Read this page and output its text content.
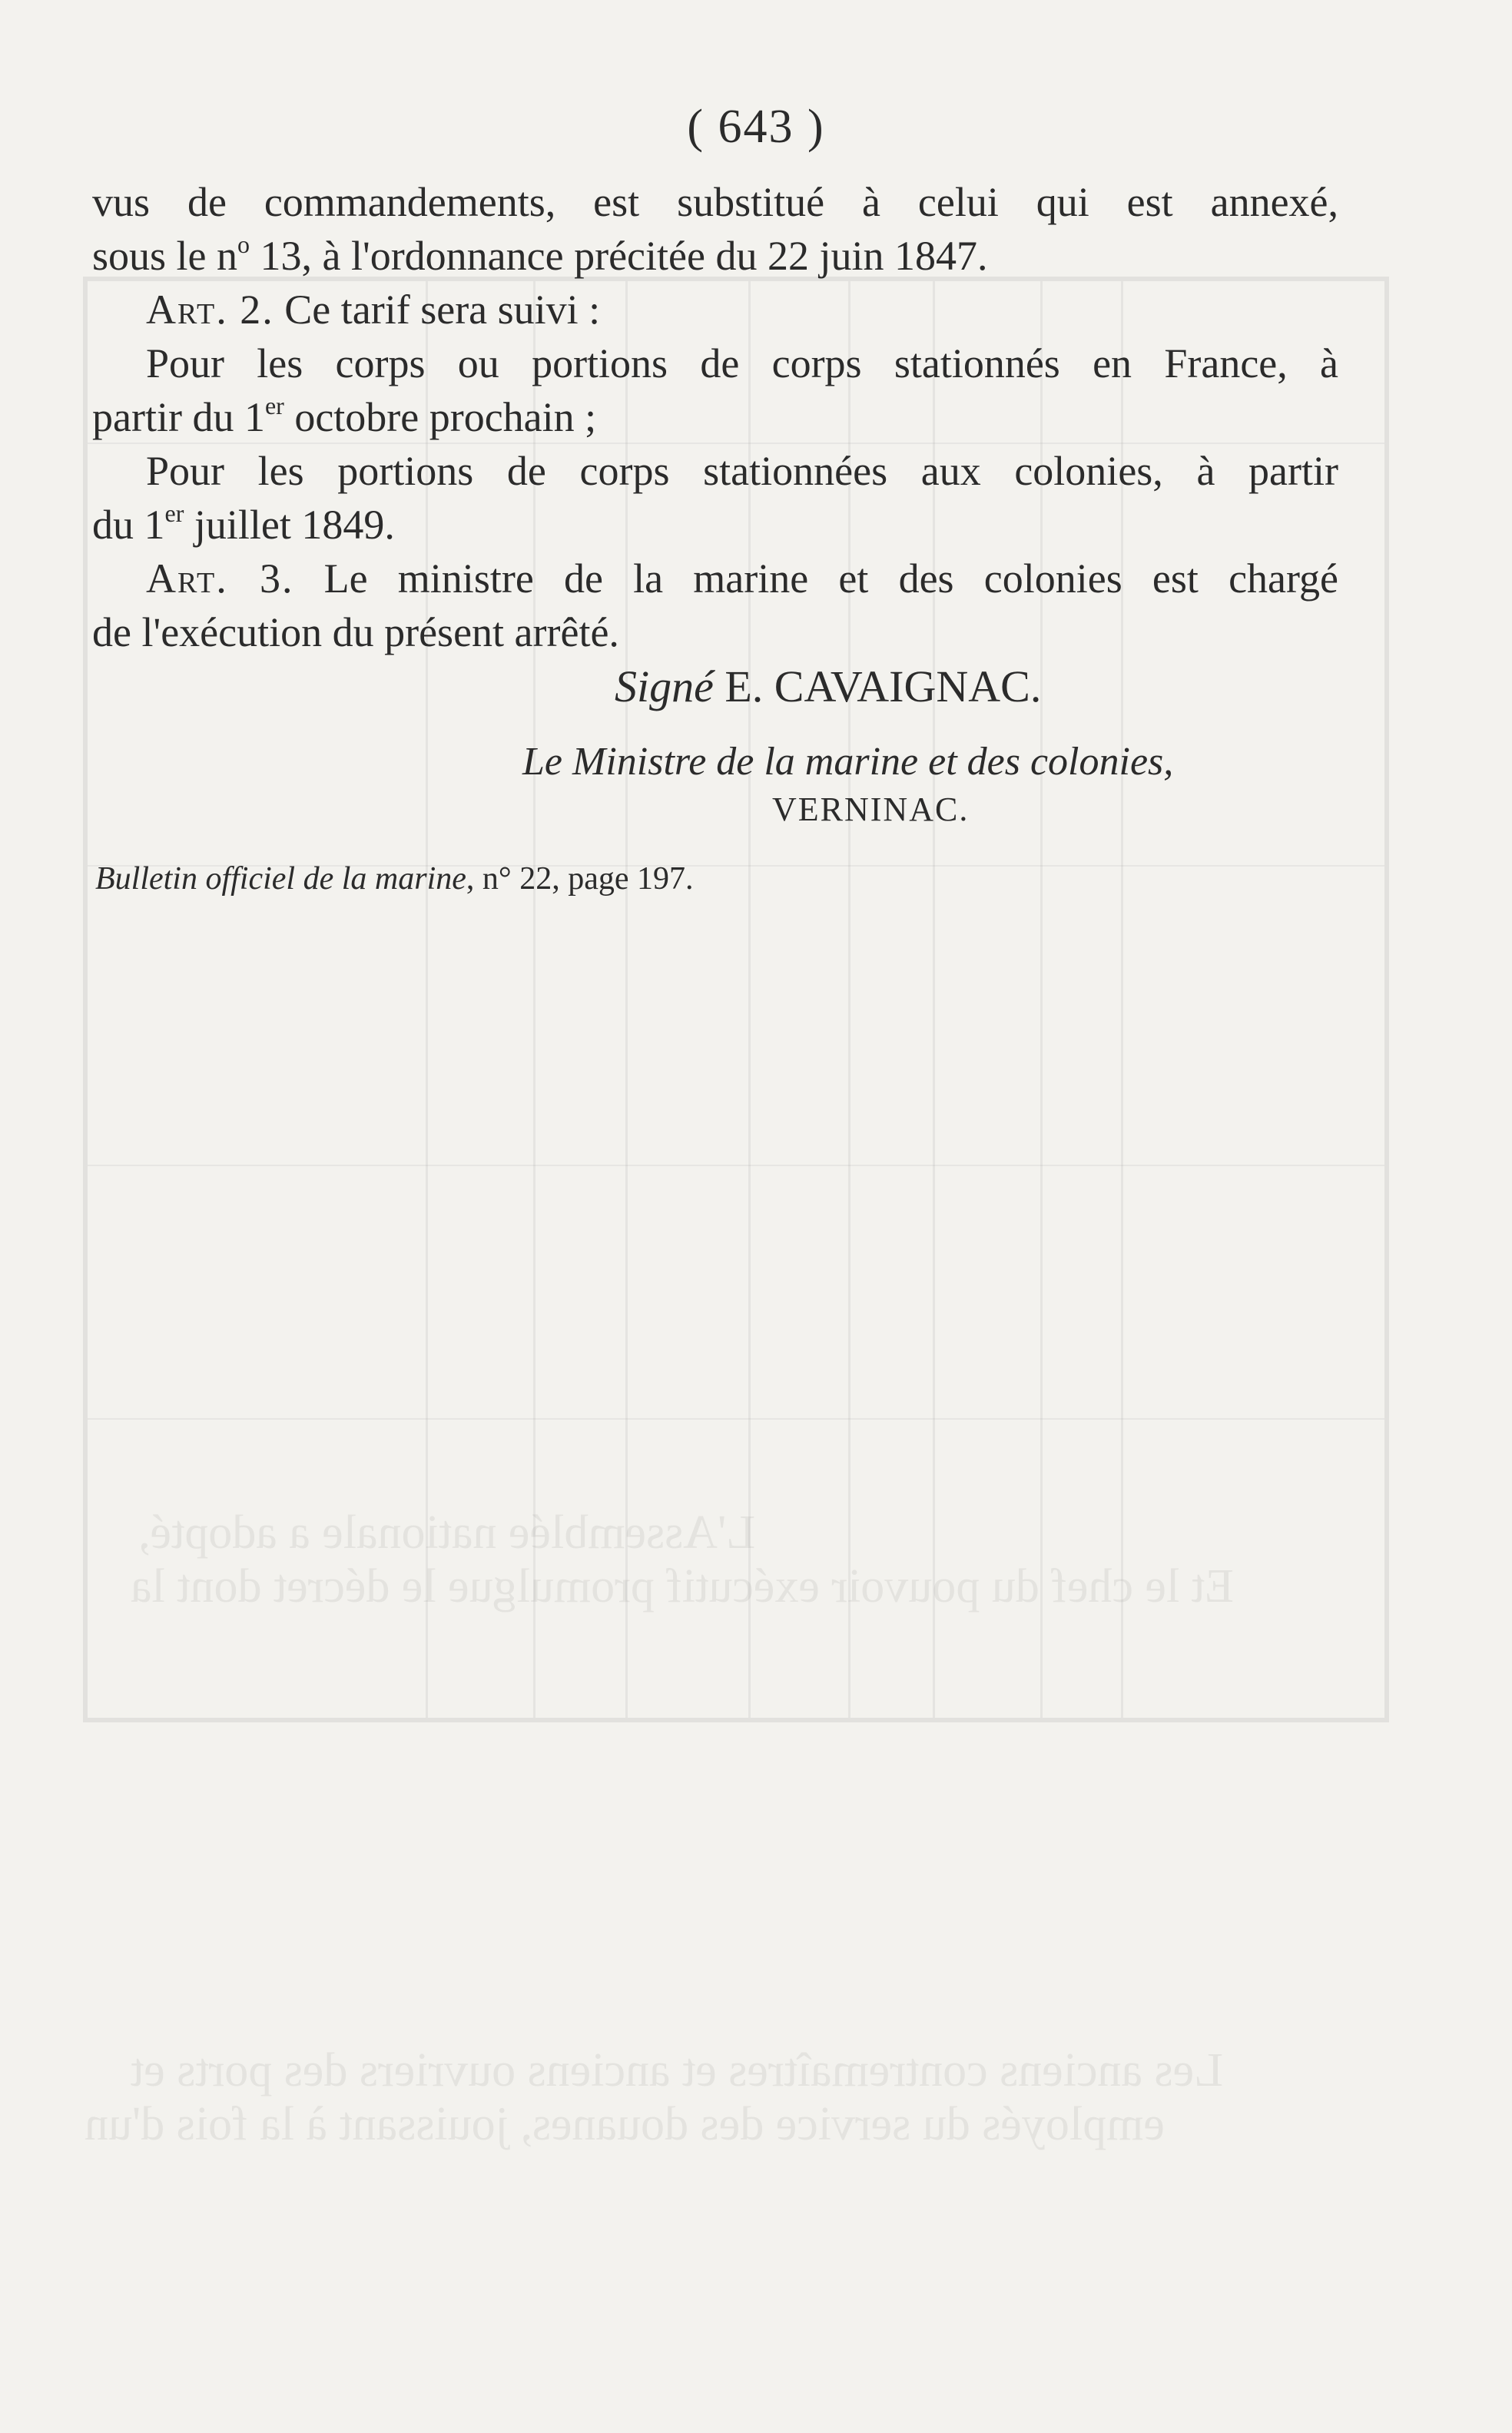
L'Assemblée nationale a adopté,
Et le chef du pouvoir exécutif promulgue le décret dont la
Les anciens contremaîtres et anciens ouvriers des ports et
employés du service des douanes, jouissant à la fois d'un
( 643 )
vus de commandements, est substitué à celui qui est annexé,
sous le $n^o$ 13, à l'ordonnance précitée du 22 juin 1847.
Art. 2. Ce tarif sera suivi :
Pour les corps ou portions de corps stationnés en France, à
partir du 1er octobre prochain ;
Pour les portions de corps stationnées aux colonies, à partir
du 1er juillet 1849.
Art. 3. Le ministre de la marine et des colonies est chargé
de l'exécution du présent arrêté.
Signé E. CAVAIGNAC.
Le Ministre de la marine et des colonies,
VERNINAC.
Bulletin officiel de la marine, n° 22, page 197.
